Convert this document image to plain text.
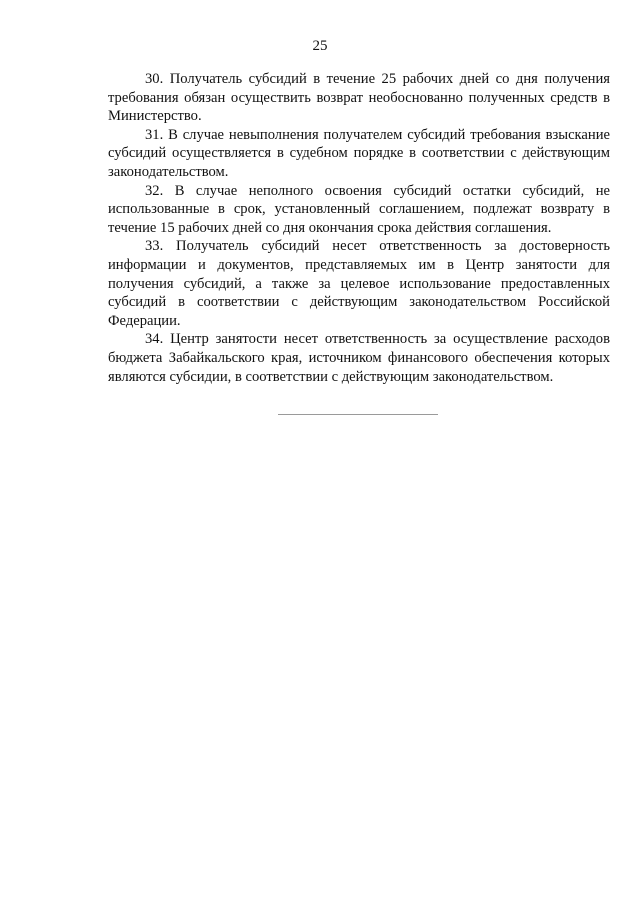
25

30. Получатель субсидий в течение 25 рабочих дней со дня получения требования обязан осуществить возврат необоснованно полученных средств в Министерство.

31. В случае невыполнения получателем субсидий требования взыскание субсидий осуществляется в судебном порядке в соответствии с действующим законодательством.

32. В случае неполного освоения субсидий остатки субсидий, не использованные в срок, установленный соглашением, подлежат возврату в течение 15 рабочих дней со дня окончания срока действия соглашения.

33. Получатель субсидий несет ответственность за достоверность информации и документов, представляемых им в Центр занятости для получения субсидий, а также за целевое использование предоставленных субсидий в соответствии с действующим законодательством Российской Федерации.

34. Центр занятости несет ответственность за осуществление расходов бюджета Забайкальского края, источником финансового обеспечения которых являются субсидии, в соответствии с действующим законодательством.
